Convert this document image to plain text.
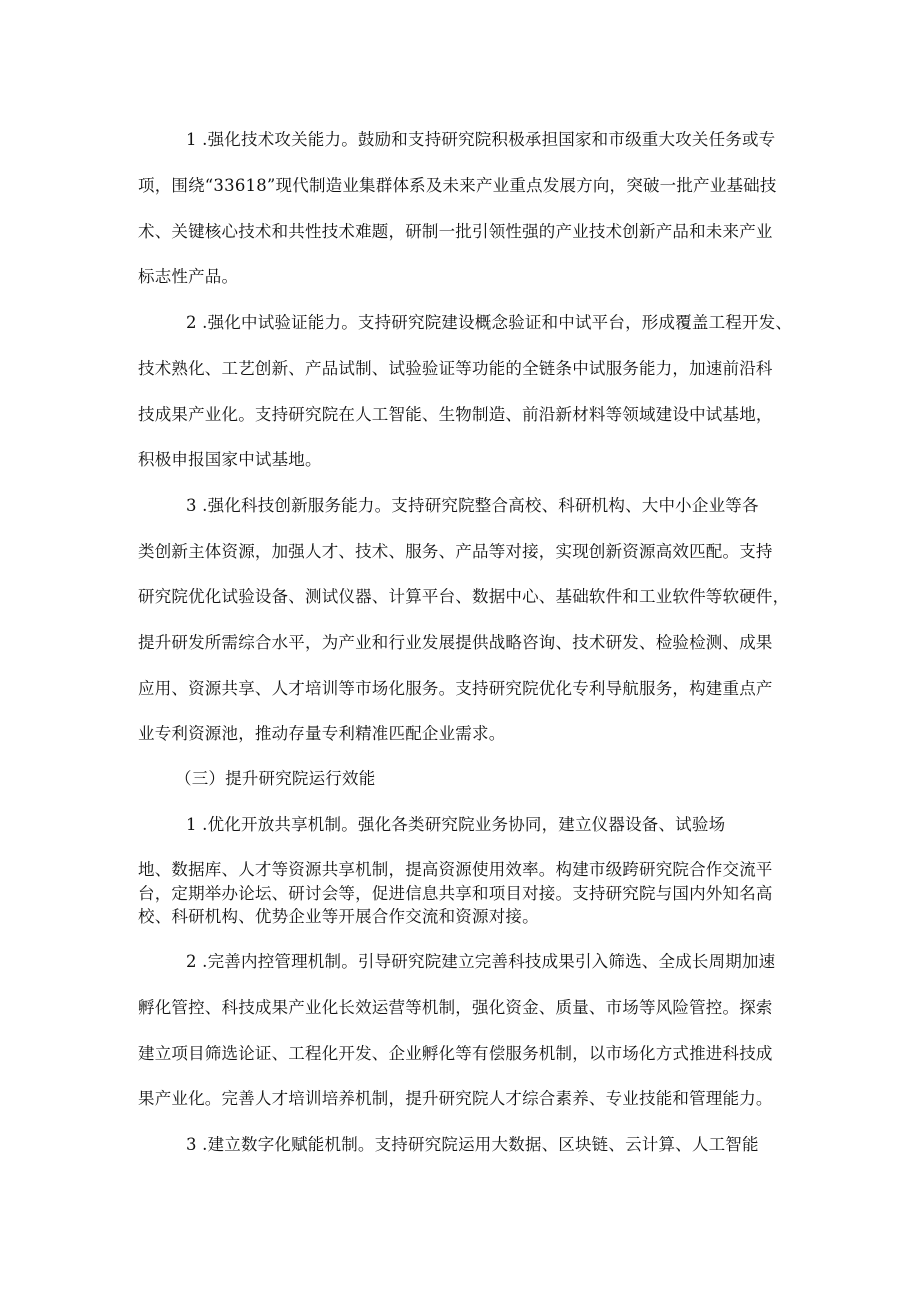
1 .强化技术攻关能力。鼓励和支持研究院积极承担国家和市级重大攻关任务或专
项，围绕“33618”现代制造业集群体系及未来产业重点发展方向，突破一批产业基础技
术、关键核心技术和共性技术难题，研制一批引领性强的产业技术创新产品和未来产业
标志性产品。
2 .强化中试验证能力。支持研究院建设概念验证和中试平台，形成覆盖工程开发、
技术熟化、工艺创新、产品试制、试验验证等功能的全链条中试服务能力，加速前沿科
技成果产业化。支持研究院在人工智能、生物制造、前沿新材料等领域建设中试基地，
积极申报国家中试基地。
3 .强化科技创新服务能力。支持研究院整合高校、科研机构、大中小企业等各
类创新主体资源，加强人才、技术、服务、产品等对接，实现创新资源高效匹配。支持
研究院优化试验设备、测试仪器、计算平台、数据中心、基础软件和工业软件等软硬件，
提升研发所需综合水平，为产业和行业发展提供战略咨询、技术研发、检验检测、成果
应用、资源共享、人才培训等市场化服务。支持研究院优化专利导航服务，构建重点产
业专利资源池，推动存量专利精准匹配企业需求。
（三）提升研究院运行效能
1 .优化开放共享机制。强化各类研究院业务协同，建立仪器设备、试验场
地、数据库、人才等资源共享机制，提高资源使用效率。构建市级跨研究院合作交流平
台，定期举办论坛、研讨会等，促进信息共享和项目对接。支持研究院与国内外知名高
校、科研机构、优势企业等开展合作交流和资源对接。
2 .完善内控管理机制。引导研究院建立完善科技成果引入筛选、全成长周期加速
孵化管控、科技成果产业化长效运营等机制，强化资金、质量、市场等风险管控。探索
建立项目筛选论证、工程化开发、企业孵化等有偿服务机制，以市场化方式推进科技成
果产业化。完善人才培训培养机制，提升研究院人才综合素养、专业技能和管理能力。
3 .建立数字化赋能机制。支持研究院运用大数据、区块链、云计算、人工智能
